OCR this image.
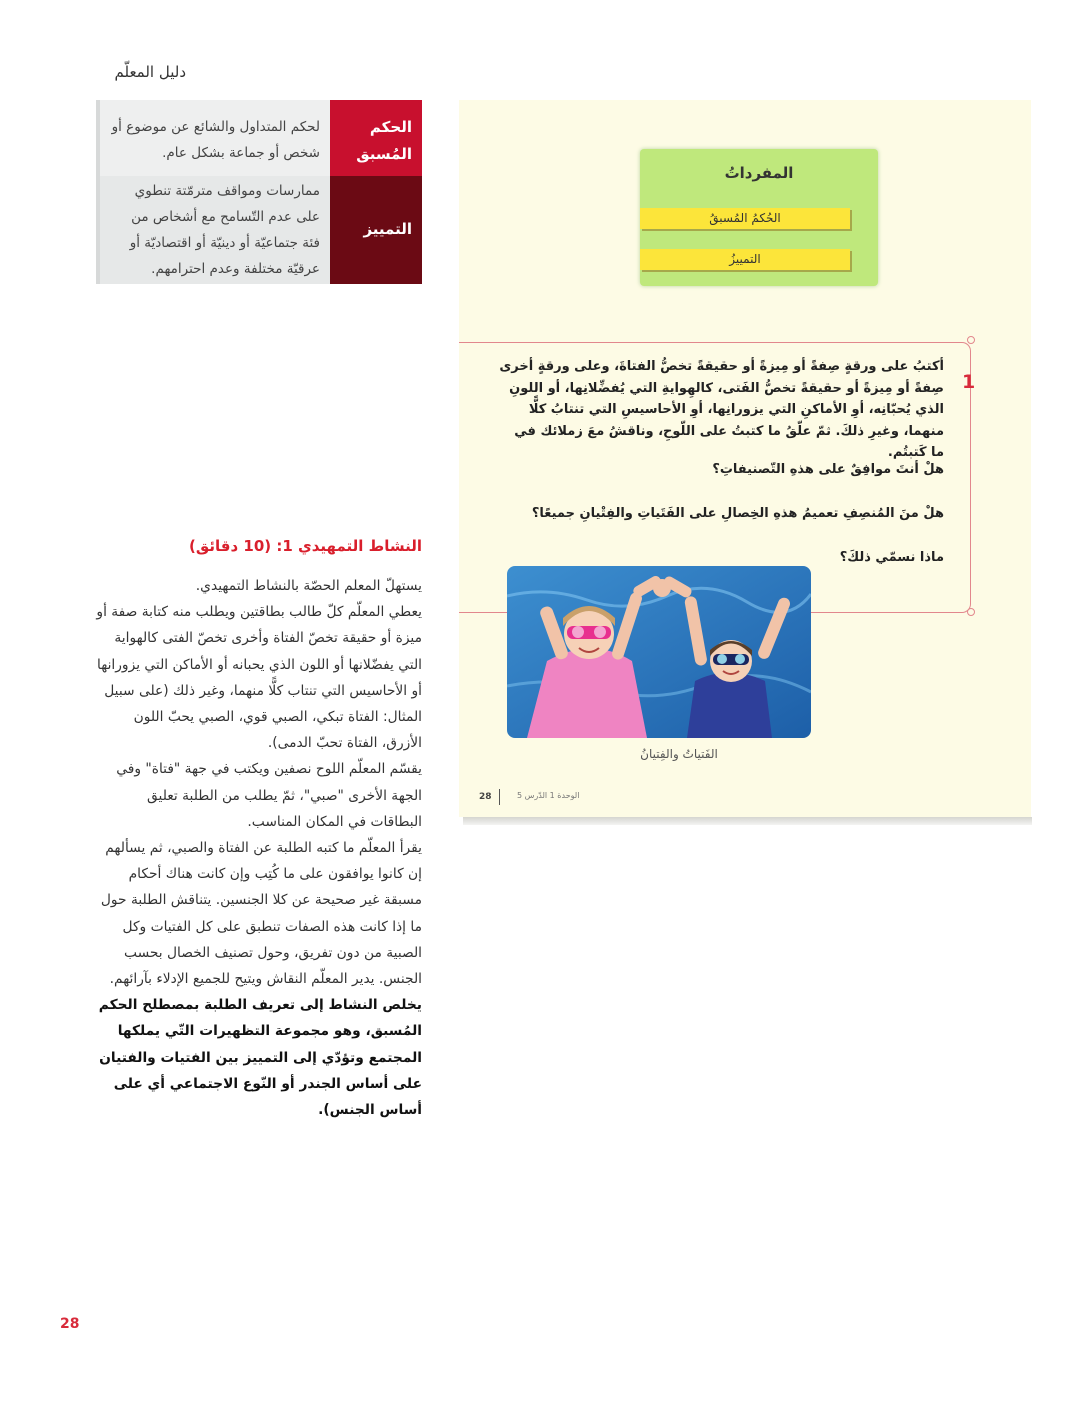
دليل المعلّم
الحكم المُسبق
لحكم المتداول والشائع عن موضوع أو شخص أو جماعة بشكل عام.
التمييز
ممارسات ومواقف مترمّتة تنطوي على عدم التّسامح مع أشخاص من فئة جتماعيّة أو دينيّة أو اقتصاديّة أو عرقيّة مختلفة وعدم احترامهم.
المفرداتُ
الحُكمُ المُسبقُ
التمييزُ
1
أكتبُ على ورقةٍ صِفةً أو مِيزةً أو حقيقةً تخصُّ الفتاةَ، وعلى ورقةٍ أخرى صِفةً أو مِيزةً أو حقيقةً تخصُّ الفَتى، كالهِوايةِ التي يُفضِّلانِها، أو اللونِ الذي يُحبّانِه، أوِ الأماكنِ التي يزورانِها، أوِ الأحاسيسِ التي تنتابُ كلًّا منهما، وغيرِ ذلكَ. ثمّ علّقُ ما كتبتُ على اللّوحِ، وناقشُ معَ زملائك في ما كَتبتُم.
هلْ أنتَ موافِقٌ على هذهِ التّصنيفاتِ؟
هلْ منَ المُنصِفِ تعميمُ هذهِ الخِصالِ على الفَتَياتِ والفِتْيانِ جميعًا؟
ماذا نسمّي ذلكَ؟
الفَتياتُ والفِتيانُ
28	الوحدة 1 الدّرس 5
النشاط التمهيدي 1: (10 دقائق)

يستهلّ المعلم الحصّة بالنشاط التمهيدي.

يعطي المعلّم كلّ طالب بطاقتين ويطلب منه كتابة صفة أو ميزة أو حقيقة تخصّ الفتاة وأخرى تخصّ الفتى كالهواية التي يفضّلانها أو اللون الذي يحبانه أو الأماكن التي يزورانها أو الأحاسيس التي تنتاب كلًّا منهما، وغير ذلك (على سبيل المثال: الفتاة تبكي، الصبي قوي، الصبي يحبّ اللون الأزرق، الفتاة تحبّ الدمى).

يقسّم المعلّم اللوح نصفين ويكتب في جهة "فتاة" وفي الجهة الأخرى "صبي"، ثمّ يطلب من الطلبة تعليق البطاقات في المكان المناسب.

يقرأ المعلّم ما كتبه الطلبة عن الفتاة والصبي، ثم يسألهم إن كانوا يوافقون على ما كُتِب وإن كانت هناك أحكام مسبقة غير صحيحة عن كلا الجنسين. يتناقش الطلبة حول ما إذا كانت هذه الصفات تنطبق على كل الفتيات وكل الصبية من دون تفريق، وحول تصنيف الخصال بحسب الجنس. يدير المعلّم النقاش ويتيح للجميع الإدلاء بآرائهم.

يخلص النشاط إلى تعريف الطلبة بمصطلح الحكم المُسبق، وهو مجموعة التظهيرات التّي يملكها المجتمع وتؤدّي إلى التمييز بين الفتيات والفتيان على أساس الجندر أو النّوع الاجتماعي أي على أساس الجنس).

28
